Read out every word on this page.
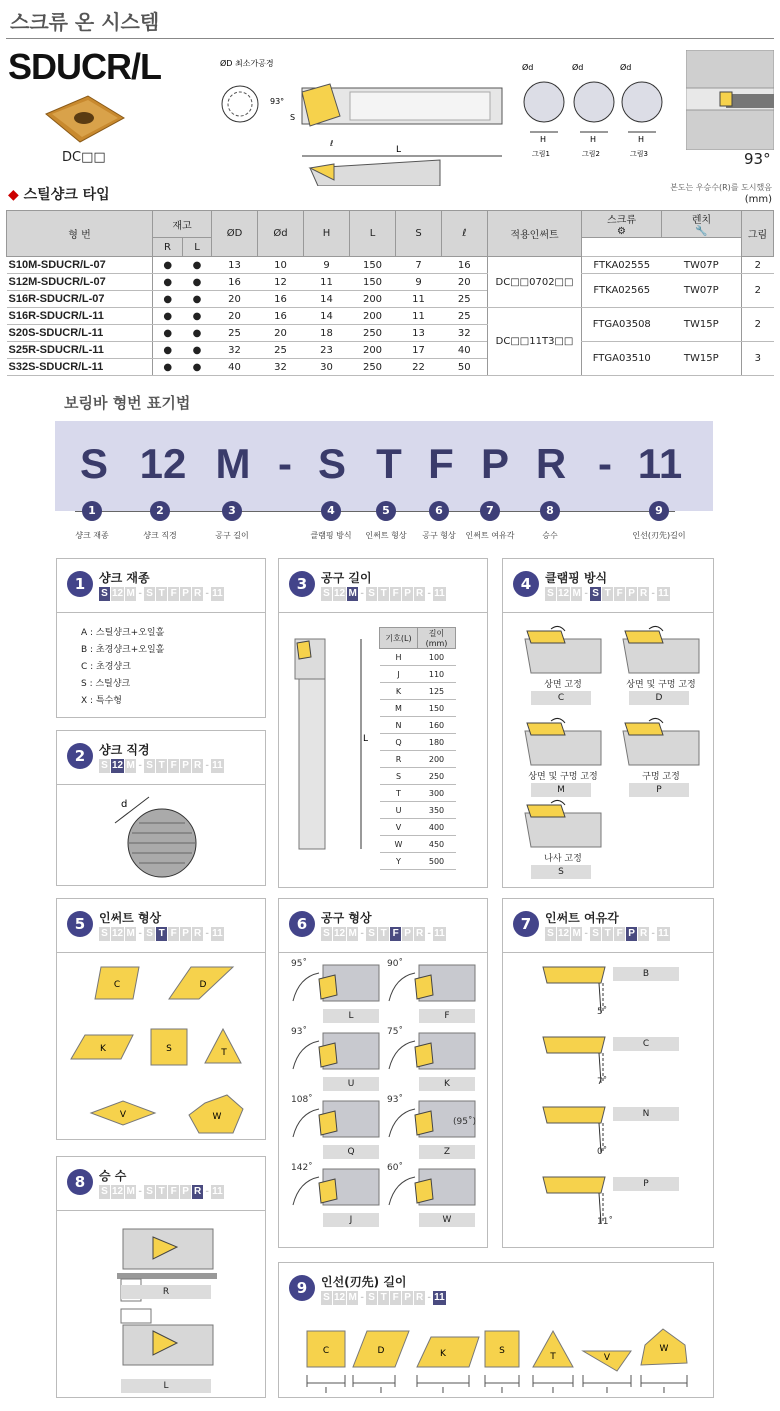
스크류 온 시스템
SDUCR/L
DC□□
ØD 최소가공경
93°
S
L
ℓ
Ød
H
그림1
Ød
H
그림2
Ød
H
그림3	93°
◆ 스틸샹크 타입	본도는 우승수(R)를 도시했음
(mm)
형 번	재고		ØD	Ød	H	L	S	ℓ	적용인써트	스크류
⚙	렌치
🔧	그림
	R	L									
S10M-SDUCR/L-07	●	●	13	10	9	150	7	16	DC□□0702□□	FTKA02555	TW07P	2
S12M-SDUCR/L-07	●	●	16	12	11	150	9	20		FTKA02565	TW07P	2
S16R-SDUCR/L-07	●	●	20	16	14	200	11	25				
S16R-SDUCR/L-11	●	●	20	16	14	200	11	25	DC□□11T3□□	FTGA03508	TW15P	2
S20S-SDUCR/L-11	●	●	25	20	18	250	13	32				
S25R-SDUCR/L-11	●	●	32	25	23	200	17	40		FTGA03510	TW15P	3
S32S-SDUCR/L-11	●	●	40	32	30	250	22	50				
보링바 형번 표기법
S 12 M - S T F P R - 11
1
샹크 재종
2
샹크 직경
3
공구 길이
4
클램핑 방식
5
인써트 형상
6
공구 형상
7
인써트 여유각
8
승수
9
인선(刃先)길이
1	샹크 재종
S 12 M - S T F P R - 11
A : 스틸샹크+오일홀
B : 초경샹크+오일홀
C : 초경샹크
S : 스틸샹크
X : 특수형
2	샹크 직경
S 12 M - S T F P R - 11
d
3	공구 길이
S 12 M - S T F P R - 11
L
기호(L)	길이(mm)
H	100
J	110
K	125
M	150
N	160
Q	180
R	200
S	250
T	300
U	350
V	400
W	450
Y	500
4	클램핑 방식
S 12 M - S T F P R - 11
상면 고정
C
상면 및 구멍 고정
D
상면 및 구멍 고정
M
구멍 고정
P
나사 고정
S
5	인써트 형상
S 12 M - S T F P R - 11
C	D
K	S	T
V	W
6	공구 형상
S 12 M - S T F P R - 11
95˚
L
90˚
F
93˚
U
75˚
K
108˚
Q
93˚
(95˚)
Z
142˚
J
60˚
W
7	인써트 여유각
S 12 M - S T F P R - 11
5˚
B
7˚
C
0˚
N
11˚
P
8	승 수
S 12 M - S T F P R - 11
R
L
9	인선(刃先) 길이
S 12 M - S T F P R - 11
C
l
D
l
K
l
S
l
T
l
V
l
W
l
